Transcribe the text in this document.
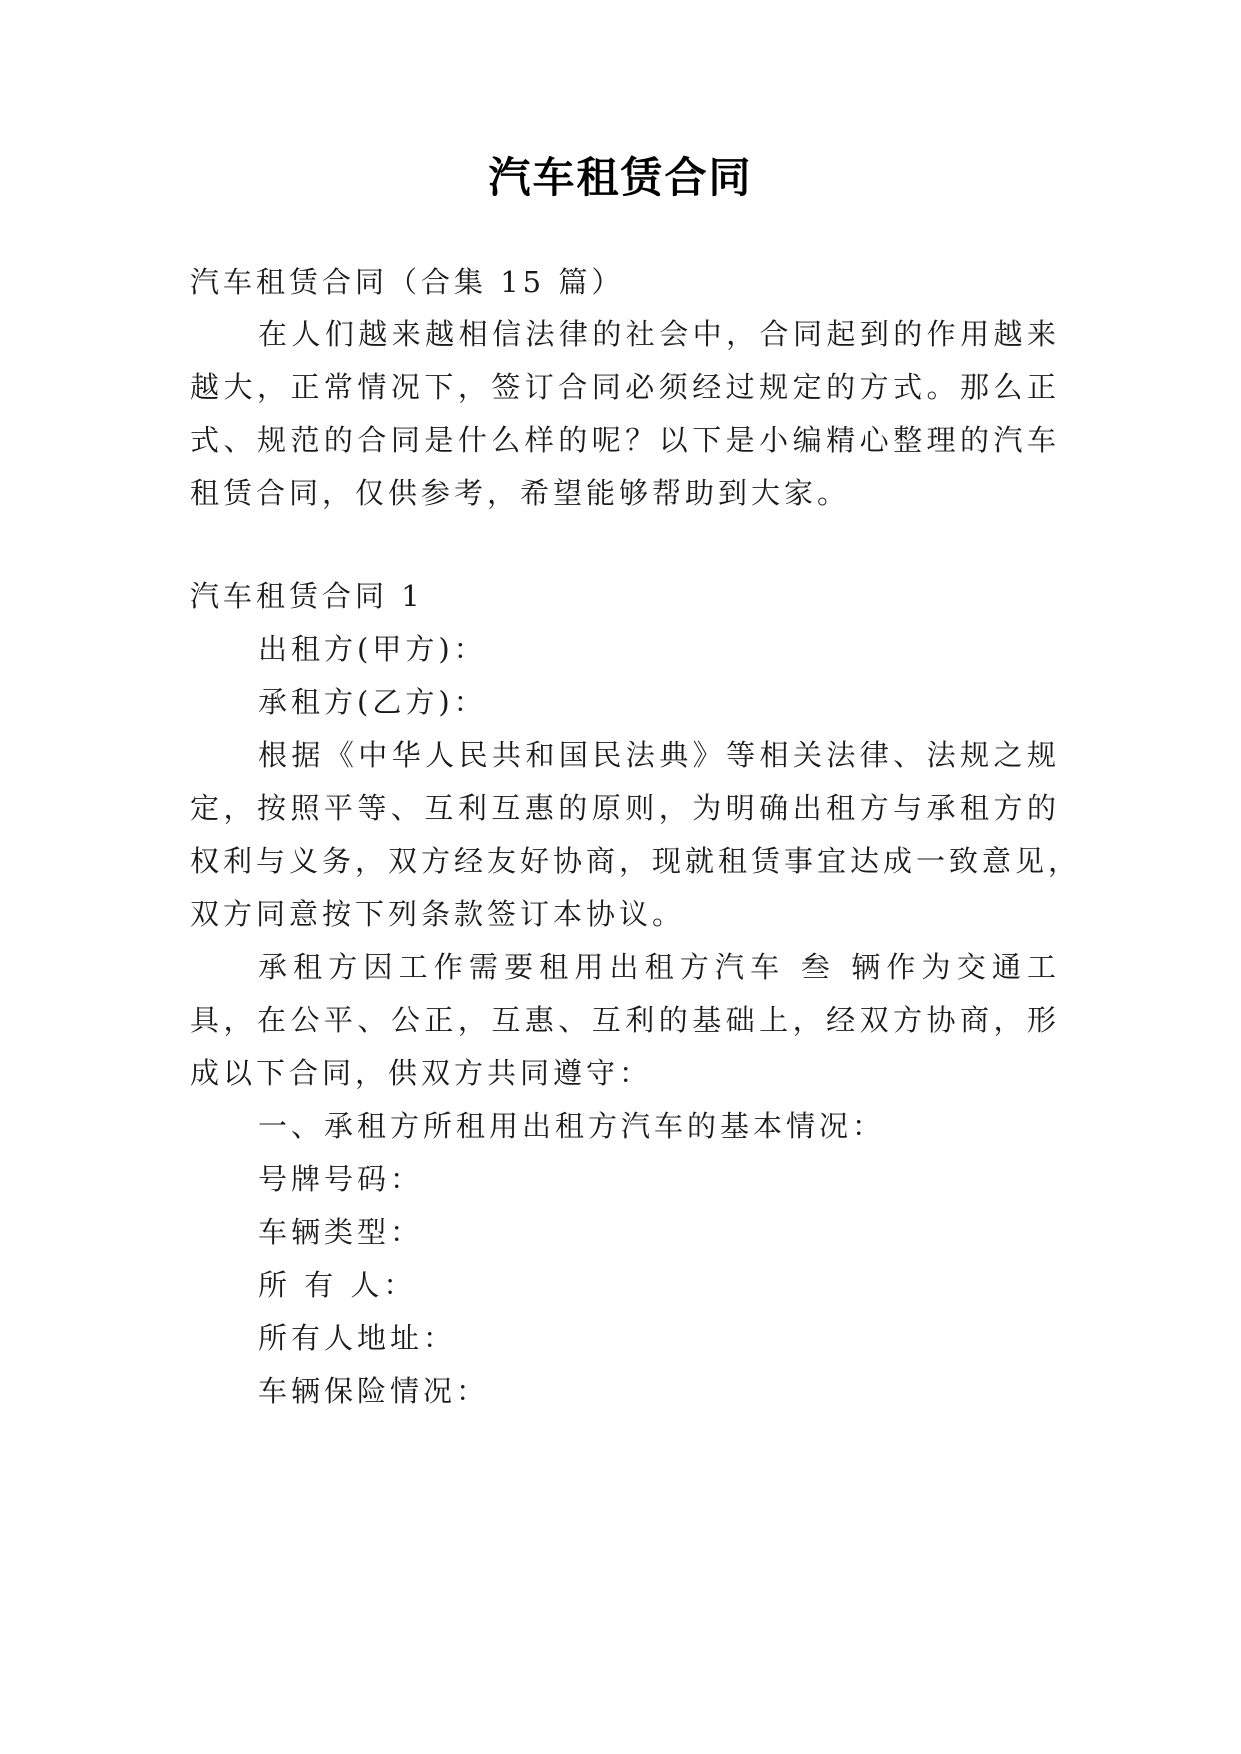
汽车租赁合同
汽车租赁合同（合集 15 篇）
在人们越来越相信法律的社会中，合同起到的作用越来
越大，正常情况下，签订合同必须经过规定的方式。那么正
式、规范的合同是什么样的呢？以下是小编精心整理的汽车
租赁合同，仅供参考，希望能够帮助到大家。
汽车租赁合同 1
出租方(甲方)：
承租方(乙方)：
根据《中华人民共和国民法典》等相关法律、法规之规
定，按照平等、互利互惠的原则，为明确出租方与承租方的
权利与义务，双方经友好协商，现就租赁事宜达成一致意见，
双方同意按下列条款签订本协议。
承租方因工作需要租用出租方汽车 叁 辆作为交通工
具，在公平、公正，互惠、互利的基础上，经双方协商，形
成以下合同，供双方共同遵守：
一、承租方所租用出租方汽车的基本情况：
号牌号码：
车辆类型：
所 有 人：
所有人地址：
车辆保险情况：
